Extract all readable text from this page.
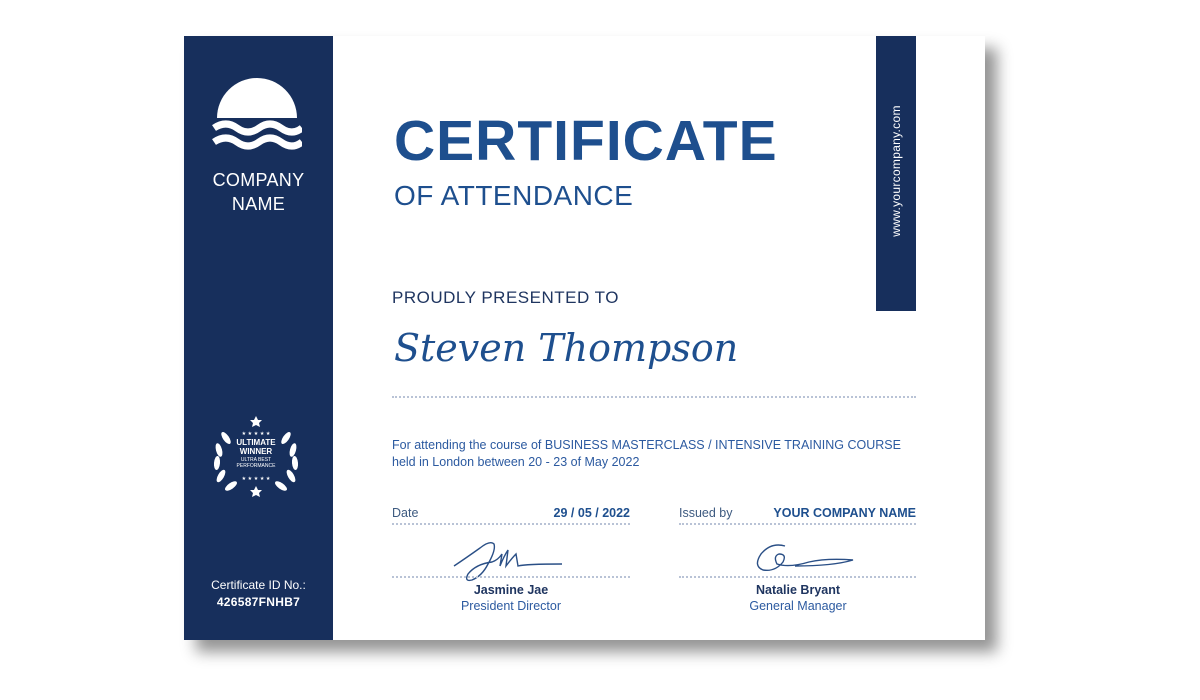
COMPANY
NAME
★ ★ ★ ★ ★
★ ★ ★ ★ ★
ULTIMATE
WINNER
ULTRA BEST
PERFORMANCE
Certificate ID No.:
426587FNHB7
www.yourcompany.com
CERTIFICATE
OF ATTENDANCE
PROUDLY PRESENTED TO
Steven Thompson
For attending the course of BUSINESS MASTERCLASS / INTENSIVE TRAINING COURSE
held in London between 20 - 23 of May 2022
Date	29 / 05 / 2022	Issued by	YOUR COMPANY NAME
Jasmine Jae
President Director
Natalie Bryant
General Manager
